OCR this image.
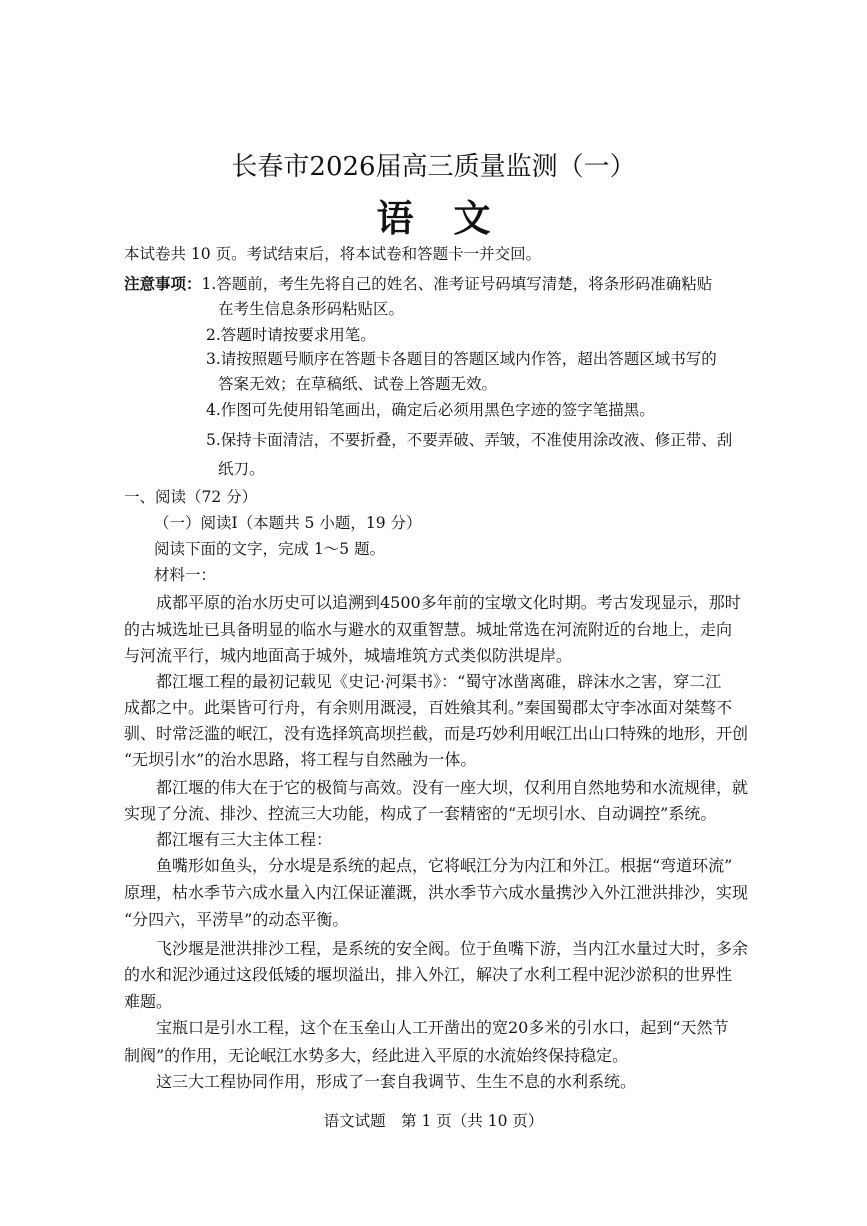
长春市2026届高三质量监测（一）
语 文
本试卷共 10 页。考试结束后，将本试卷和答题卡一并交回。
注意事项：1.答题前，考生先将自己的姓名、准考证号码填写清楚，将条形码准确粘贴
在考生信息条形码粘贴区。
2.答题时请按要求用笔。
3.请按照题号顺序在答题卡各题目的答题区域内作答，超出答题区域书写的
答案无效；在草稿纸、试卷上答题无效。
4.作图可先使用铅笔画出，确定后必须用黑色字迹的签字笔描黑。
5.保持卡面清洁，不要折叠，不要弄破、弄皱，不准使用涂改液、修正带、刮
纸刀。
一、阅读（72 分）
（一）阅读Ⅰ（本题共 5 小题，19 分）
阅读下面的文字，完成 1～5 题。
材料一：
成都平原的治水历史可以追溯到4500多年前的宝墩文化时期。考古发现显示，那时
的古城选址已具备明显的临水与避水的双重智慧。城址常选在河流附近的台地上，走向
与河流平行，城内地面高于城外，城墙堆筑方式类似防洪堤岸。
都江堰工程的最初记载见《史记·河渠书》：“蜀守冰凿离碓，辟沫水之害，穿二江
成都之中。此渠皆可行舟，有余则用溉浸，百姓飨其利。”秦国蜀郡太守李冰面对桀骜不
驯、时常泛滥的岷江，没有选择筑高坝拦截，而是巧妙利用岷江出山口特殊的地形，开创
“无坝引水”的治水思路，将工程与自然融为一体。
都江堰的伟大在于它的极简与高效。没有一座大坝，仅利用自然地势和水流规律，就
实现了分流、排沙、控流三大功能，构成了一套精密的“无坝引水、自动调控”系统。
都江堰有三大主体工程：
鱼嘴形如鱼头，分水堤是系统的起点，它将岷江分为内江和外江。根据“弯道环流”
原理，枯水季节六成水量入内江保证灌溉，洪水季节六成水量携沙入外江泄洪排沙，实现
“分四六，平涝旱”的动态平衡。
飞沙堰是泄洪排沙工程，是系统的安全阀。位于鱼嘴下游，当内江水量过大时，多余
的水和泥沙通过这段低矮的堰坝溢出，排入外江，解决了水利工程中泥沙淤积的世界性
难题。
宝瓶口是引水工程，这个在玉垒山人工开凿出的宽20多米的引水口，起到“天然节
制阀”的作用，无论岷江水势多大，经此进入平原的水流始终保持稳定。
这三大工程协同作用，形成了一套自我调节、生生不息的水利系统。
语文试题　第 1 页（共 10 页）
